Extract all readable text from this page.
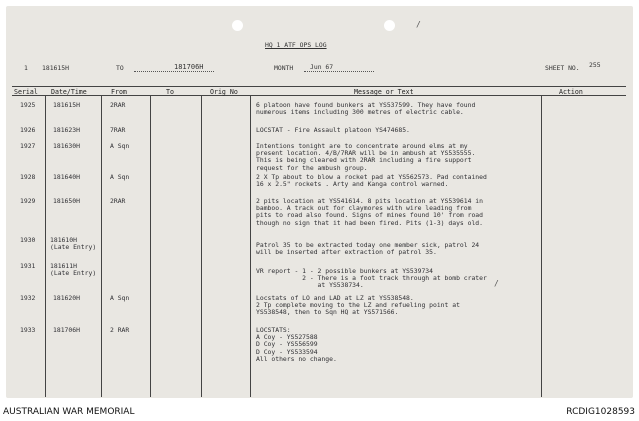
HQ 1 ATF OPS LOG
1 181615H	TO	181706H	MONTH	Jun 67	SHEET NO. 255
Serial Date/Time	From	To	Orig No	Message or Text	Action
1925	181615H	2RAR	6 platoon have found bunkers at YS537599. They have found
numerous items including 300 metres of electric cable.
1926	181623H	7RAR	LOCSTAT - Fire Assault platoon YS474685.
1927	181630H	A Sqn	Intentions tonight are to concentrate around elms at my
present location. 4/B/7RAR will be in ambush at YS535555.
This is being cleared with 2RAR including a fire support
request for the ambush group.
1928	181640H	A Sqn	2 X Tp about to blow a rocket pad at YS562573. Pad contained
16 x 2.5" rockets . Arty and Kanga control warned.
1929	181650H	2RAR	2 pits location at YS541614. 8 pits location at YS539614 in
bamboo. A track out for claymores with wire leading from
pits to road also found. Signs of mines found 10' from road
though no sign that it had been fired. Pits (1-3) days old.
1930 181610H
(Late Entry)	Patrol 35 to be extracted today one member sick, patrol 24
will be inserted after extraction of patrol 35.
1931 181611H
(Late Entry)	VR report - 1 - 2 possible bunkers at YS539734
2 - There is a foot track through at bomb crater
at YS538734.
1932	181620H	A Sqn	Locstats of LO and LAD at LZ at YS538548.
2 Tp complete moving to the LZ and refueling point at
YS538548, then to Sqn HQ at YS571566.
1933	181706H	2 RAR	LOCSTATS:
A Coy - YS527588
D Coy - YS556599
D Coy - YS533594
All others no change.
/
/
AUSTRALIAN WAR MEMORIAL	RCDIG1028593
